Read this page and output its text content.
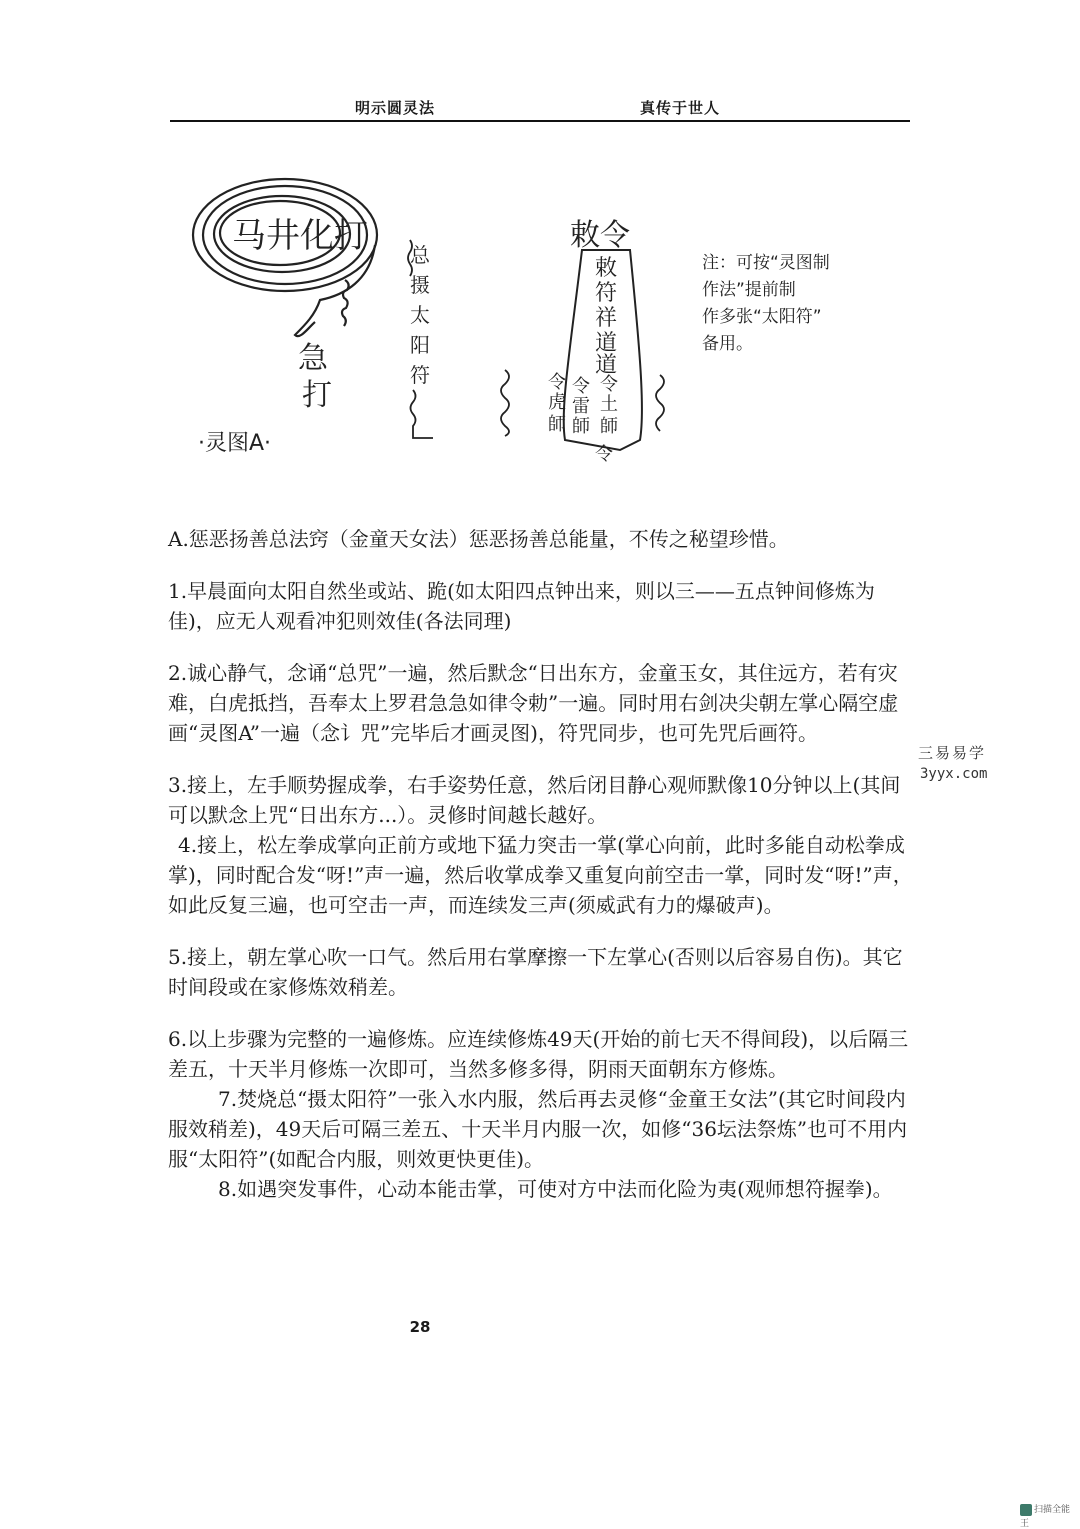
明示圆灵法	真传于世人
马井化打
急
打
·灵图A·
总
摄
太
阳
符
敕令
敕
符
祥
道
道
令
雷
師
令
虎
師
令
土
師
令
注：可按“灵图制
作法”提前制
作多张“太阳符”
备用。

A.惩恶扬善总法窍（金童天女法）惩恶扬善总能量，不传之秘望珍惜。

1.早晨面向太阳自然坐或站、跪(如太阳四点钟出来，则以三——五点钟间修炼为佳)，应无人观看冲犯则效佳(各法同理)

2.诚心静气，念诵“总咒”一遍，然后默念“日出东方，金童玉女，其住远方，若有灾难，白虎抵挡，吾奉太上罗君急急如律令勅”一遍。同时用右剑决尖朝左掌心隔空虚画“灵图A”一遍（念讠咒”完毕后才画灵图)，符咒同步，也可先咒后画符。

3.接上，左手顺势握成拳，右手姿势任意，然后闭目静心观师默像10分钟以上(其间可以默念上咒“日出东方...）。灵修时间越长越好。

4.接上，松左拳成掌向正前方或地下猛力突击一掌(掌心向前，此时多能自动松拳成掌)，同时配合发“呀!”声一遍，然后收掌成拳又重复向前空击一掌，同时发“呀!”声，如此反复三遍，也可空击一声，而连续发三声(须威武有力的爆破声)。

5.接上，朝左掌心吹一口气。然后用右掌摩擦一下左掌心(否则以后容易自伤)。其它时间段或在家修炼效稍差。

6.以上步骤为完整的一遍修炼。应连续修炼49天(开始的前七天不得间段)，以后隔三差五，十天半月修炼一次即可，当然多修多得，阴雨天面朝东方修炼。

7.焚烧总“摄太阳符”一张入水内服，然后再去灵修“金童王女法”(其它时间段内服效稍差)，49天后可隔三差五、十天半月内服一次，如修“36坛法祭炼”也可不用内服“太阳符”(如配合内服，则效更快更佳)。

8.如遇突发事件，心动本能击掌，可使对方中法而化险为夷(观师想符握拳)。

28
三易易学
3yyx.com
扫描全能王
